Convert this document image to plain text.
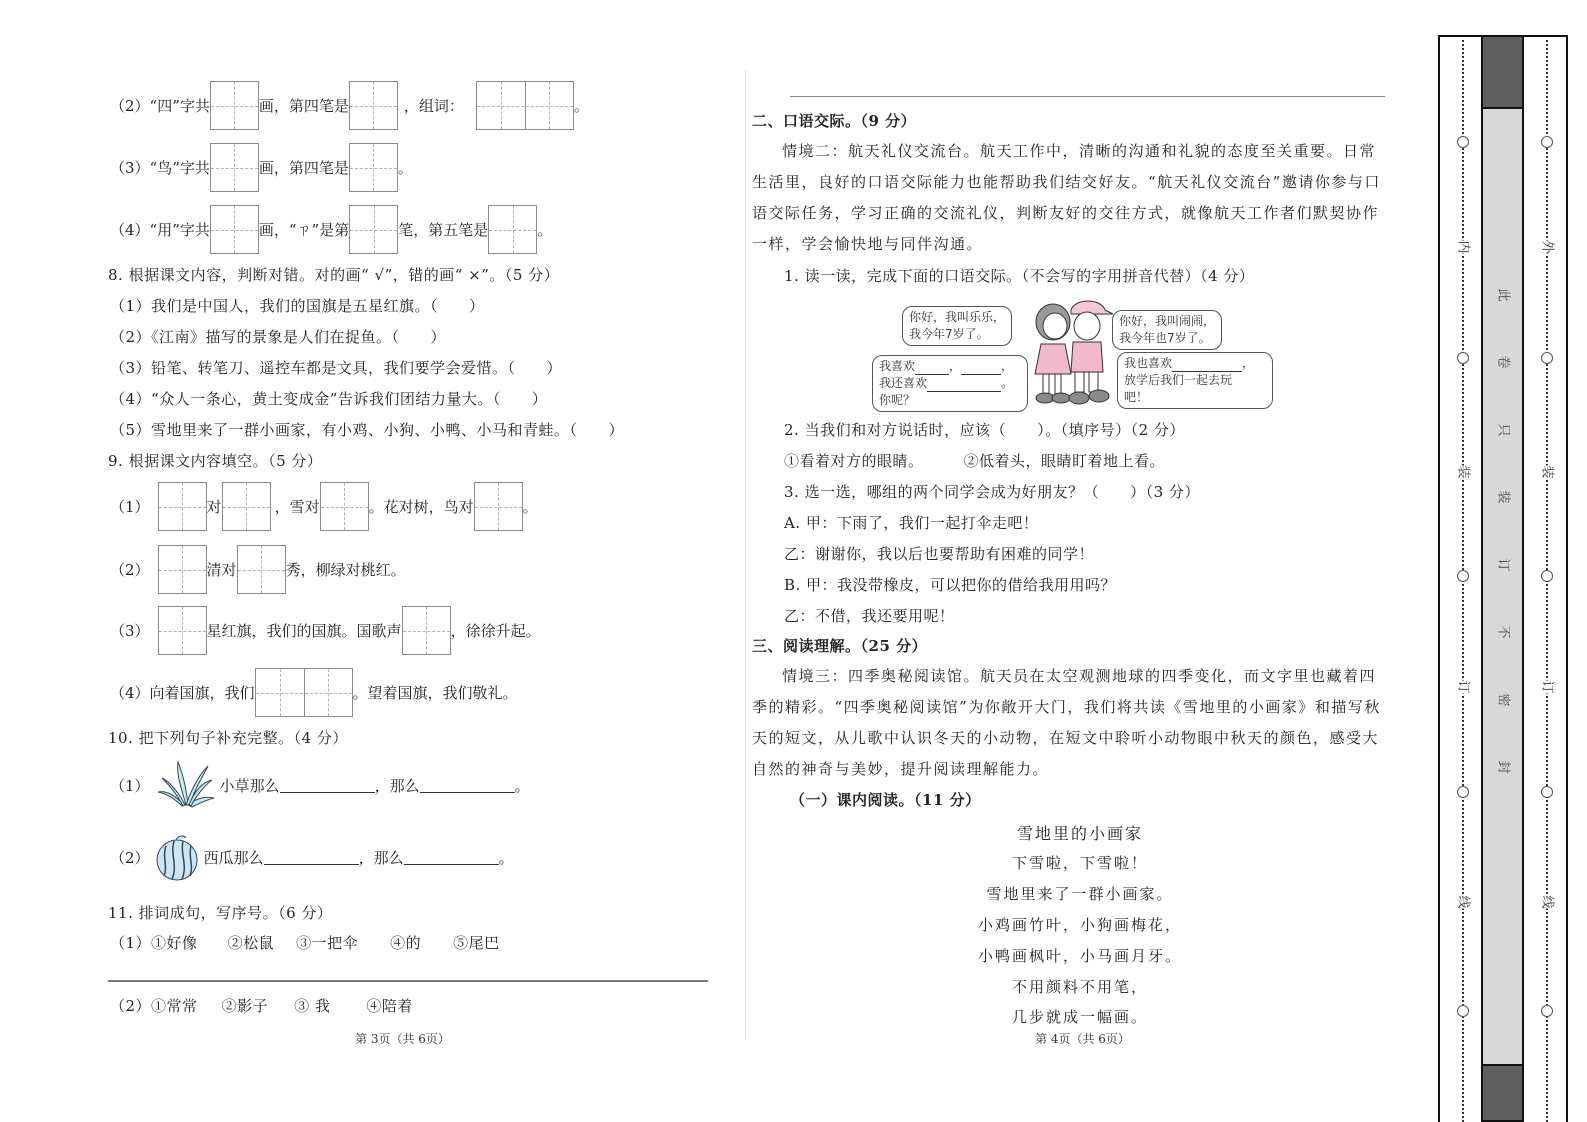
（2）“四”字共	画，第四笔是	，组词：	。
（3）“鸟”字共	画，第四笔是	。
（4）“用”字共	画，“ㄗ”是第	笔，第五笔是	。
8. 根据课文内容，判断对错。对的画“ √”，错的画“ ×”。（5 分）
（1）我们是中国人，我们的国旗是五星红旗。（　　）
（2）《江南》描写的景象是人们在捉鱼。（　　）
（3）铅笔、转笔刀、遥控车都是文具，我们要学会爱惜。（　　）
（4）“众人一条心，黄土变成金”告诉我们团结力量大。（　　）
（5）雪地里来了一群小画家，有小鸡、小狗、小鸭、小马和青蛙。（　　）
9. 根据课文内容填空。（5 分）
（1）	对	，雪对	。花对树，鸟对	。
（2）	清对	秀，柳绿对桃红。
（3）	星红旗，我们的国旗。国歌声	，徐徐升起。
（4）向着国旗，我们	。望着国旗，我们敬礼。
10. 把下列句子补充完整。（4 分）
（1）	小草那么	，那么	。
（2）	西瓜那么	，那么	。
11. 排词成句，写序号。（6 分）
（1）①好像 ②松鼠 ③一把伞 ④的 ⑤尾巴
（2）①常常 ②影子 ③ 我 ④陪着
第 3页（共 6页）
二、口语交际。（9 分）
情境二：航天礼仪交流台。航天工作中，清晰的沟通和礼貌的态度至关重要。日常生活里，良好的口语交际能力也能帮助我们结交好友。“航天礼仪交流台”邀请你参与口语交际任务，学习正确的交流礼仪，判断友好的交往方式，就像航天工作者们默契协作一样，学会愉快地与同伴沟通。
1. 读一读，完成下面的口语交际。（不会写的字用拼音代替）（4 分）
你好，我叫乐乐，
我今年7岁了。
你好，我叫闹闹，
我今年也7岁了。
我喜欢	，	，
我还喜欢	。
你呢？
我也喜欢	，
放学后我们一起去玩
吧！
2. 当我们和对方说话时，应该（　　）。（填序号）（2 分）
①看着对方的眼睛。	②低着头，眼睛盯着地上看。
3. 选一选，哪组的两个同学会成为好朋友？（　　）（3 分）
A. 甲：下雨了，我们一起打伞走吧！
乙：谢谢你，我以后也要帮助有困难的同学！
B. 甲：我没带橡皮，可以把你的借给我用用吗？
乙：不借，我还要用呢！
三、阅读理解。（25 分）
情境三：四季奥秘阅读馆。航天员在太空观测地球的四季变化，而文字里也藏着四季的精彩。“四季奥秘阅读馆”为你敞开大门，我们将共读《雪地里的小画家》和描写秋天的短文，从儿歌中认识冬天的小动物，在短文中聆听小动物眼中秋天的颜色，感受大自然的神奇与美妙，提升阅读理解能力。
（一）课内阅读。（11 分）
雪地里的小画家
下雪啦，下雪啦！
雪地里来了一群小画家。
小鸡画竹叶，小狗画梅花，
小鸭画枫叶，小马画月牙。
不用颜料不用笔，
几步就成一幅画。
第 4页（共 6页）
内
装
订
线
外
装
订
线
此
卷
只
装
订
不
密
封
